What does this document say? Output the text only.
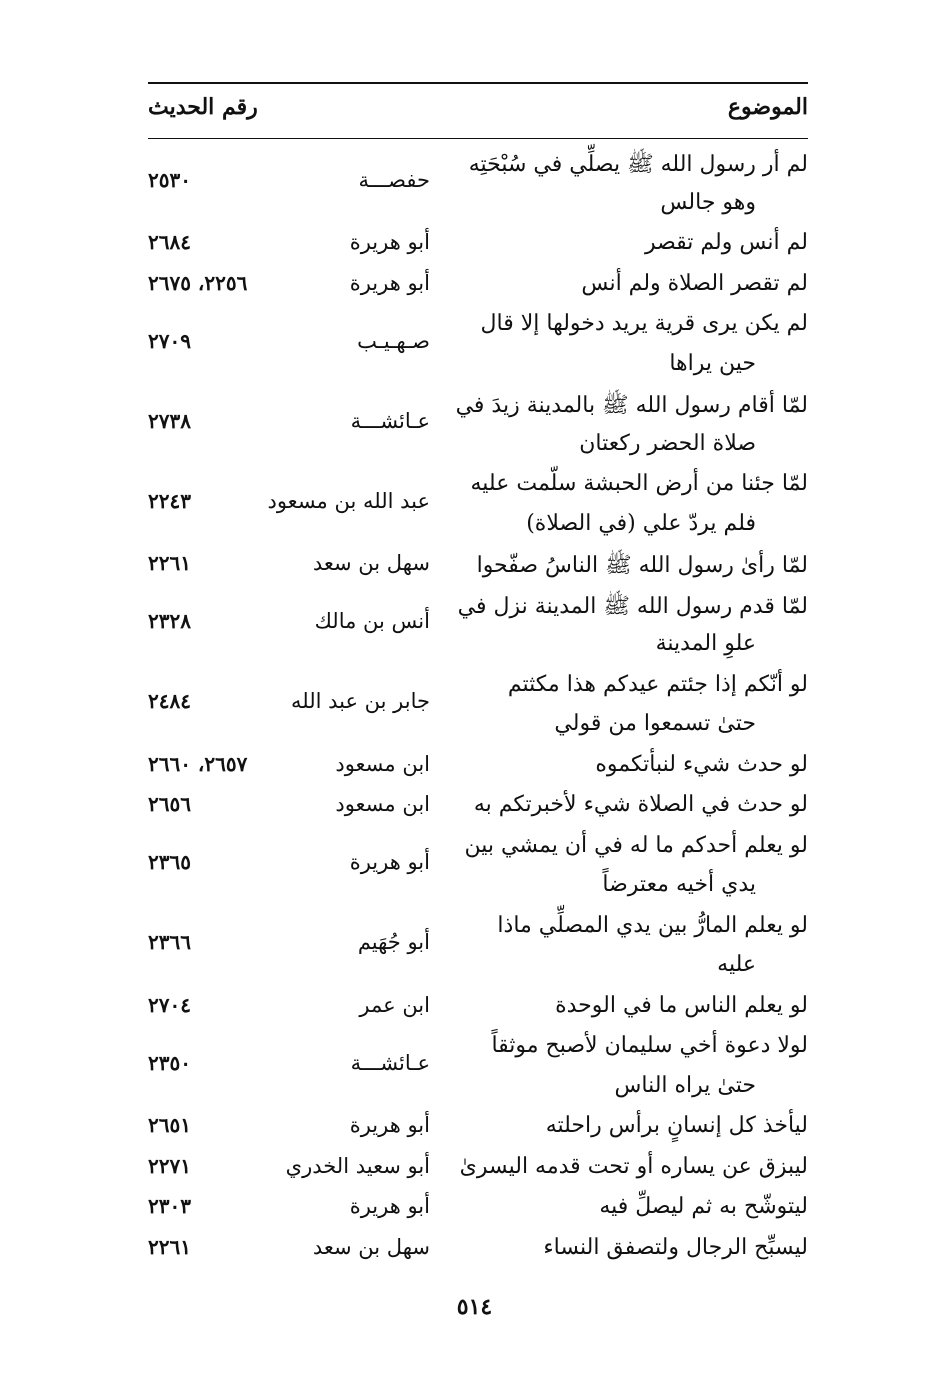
الموضوع
رقم الحديث
لم أر رسول الله ﷺ يصلِّي في سُبْحَتِه
وهو جالس
حفصـــة
٢٥٣٠
لم أنس ولم تقصر
أبو هريرة
٢٦٨٤
لم تقصر الصلاة ولم أنس
أبو هريرة
٢٢٥٦، ٢٦٧٥
لم يكن يرى قرية يريد دخولها إلا قال
حين يراها
صـهـيـب
٢٧٠٩
لمّا أقام رسول الله ﷺ بالمدينة زيدَ في
صلاة الحضر ركعتان
عـائشـــة
٢٧٣٨
لمّا جئنا من أرض الحبشة سلّمت عليه
فلم يردّ علي (في الصلاة)
عبد الله بن مسعود
٢٢٤٣
لمّا رأىٰ رسول الله ﷺ الناسُ صفّحوا
سهل بن سعد
٢٢٦١
لمّا قدم رسول الله ﷺ المدينة نزل في
علوِ المدينة
أنس بن مالك
٢٣٢٨
لو أنّكم إذا جئتم عيدكم هذا مكثتم
حتىٰ تسمعوا من قولي
جابر بن عبد الله
٢٤٨٤
لو حدث شيء لنبأتكموه
ابن مسعود
٢٦٥٧، ٢٦٦٠
لو حدث في الصلاة شيء لأخبرتكم به
ابن مسعود
٢٦٥٦
لو يعلم أحدكم ما له في أن يمشي بين
يدي أخيه معترضاً
أبو هريرة
٢٣٦٥
لو يعلم المارُّ بين يدي المصلِّي ماذا
عليه
أبو جُهَيم
٢٣٦٦
لو يعلم الناس ما في الوحدة
ابن عمر
٢٧٠٤
لولا دعوة أخي سليمان لأصبح موثقاً
حتىٰ يراه الناس
عـائشـــة
٢٣٥٠
ليأخذ كل إنسانٍ برأس راحلته
أبو هريرة
٢٦٥١
ليبزق عن يساره أو تحت قدمه اليسرىٰ
أبو سعيد الخدري
٢٢٧١
ليتوشّح به ثم ليصلِّ فيه
أبو هريرة
٢٣٠٣
ليسبِّح الرجال ولتصفق النساء
سهل بن سعد
٢٢٦١
٥١٤
